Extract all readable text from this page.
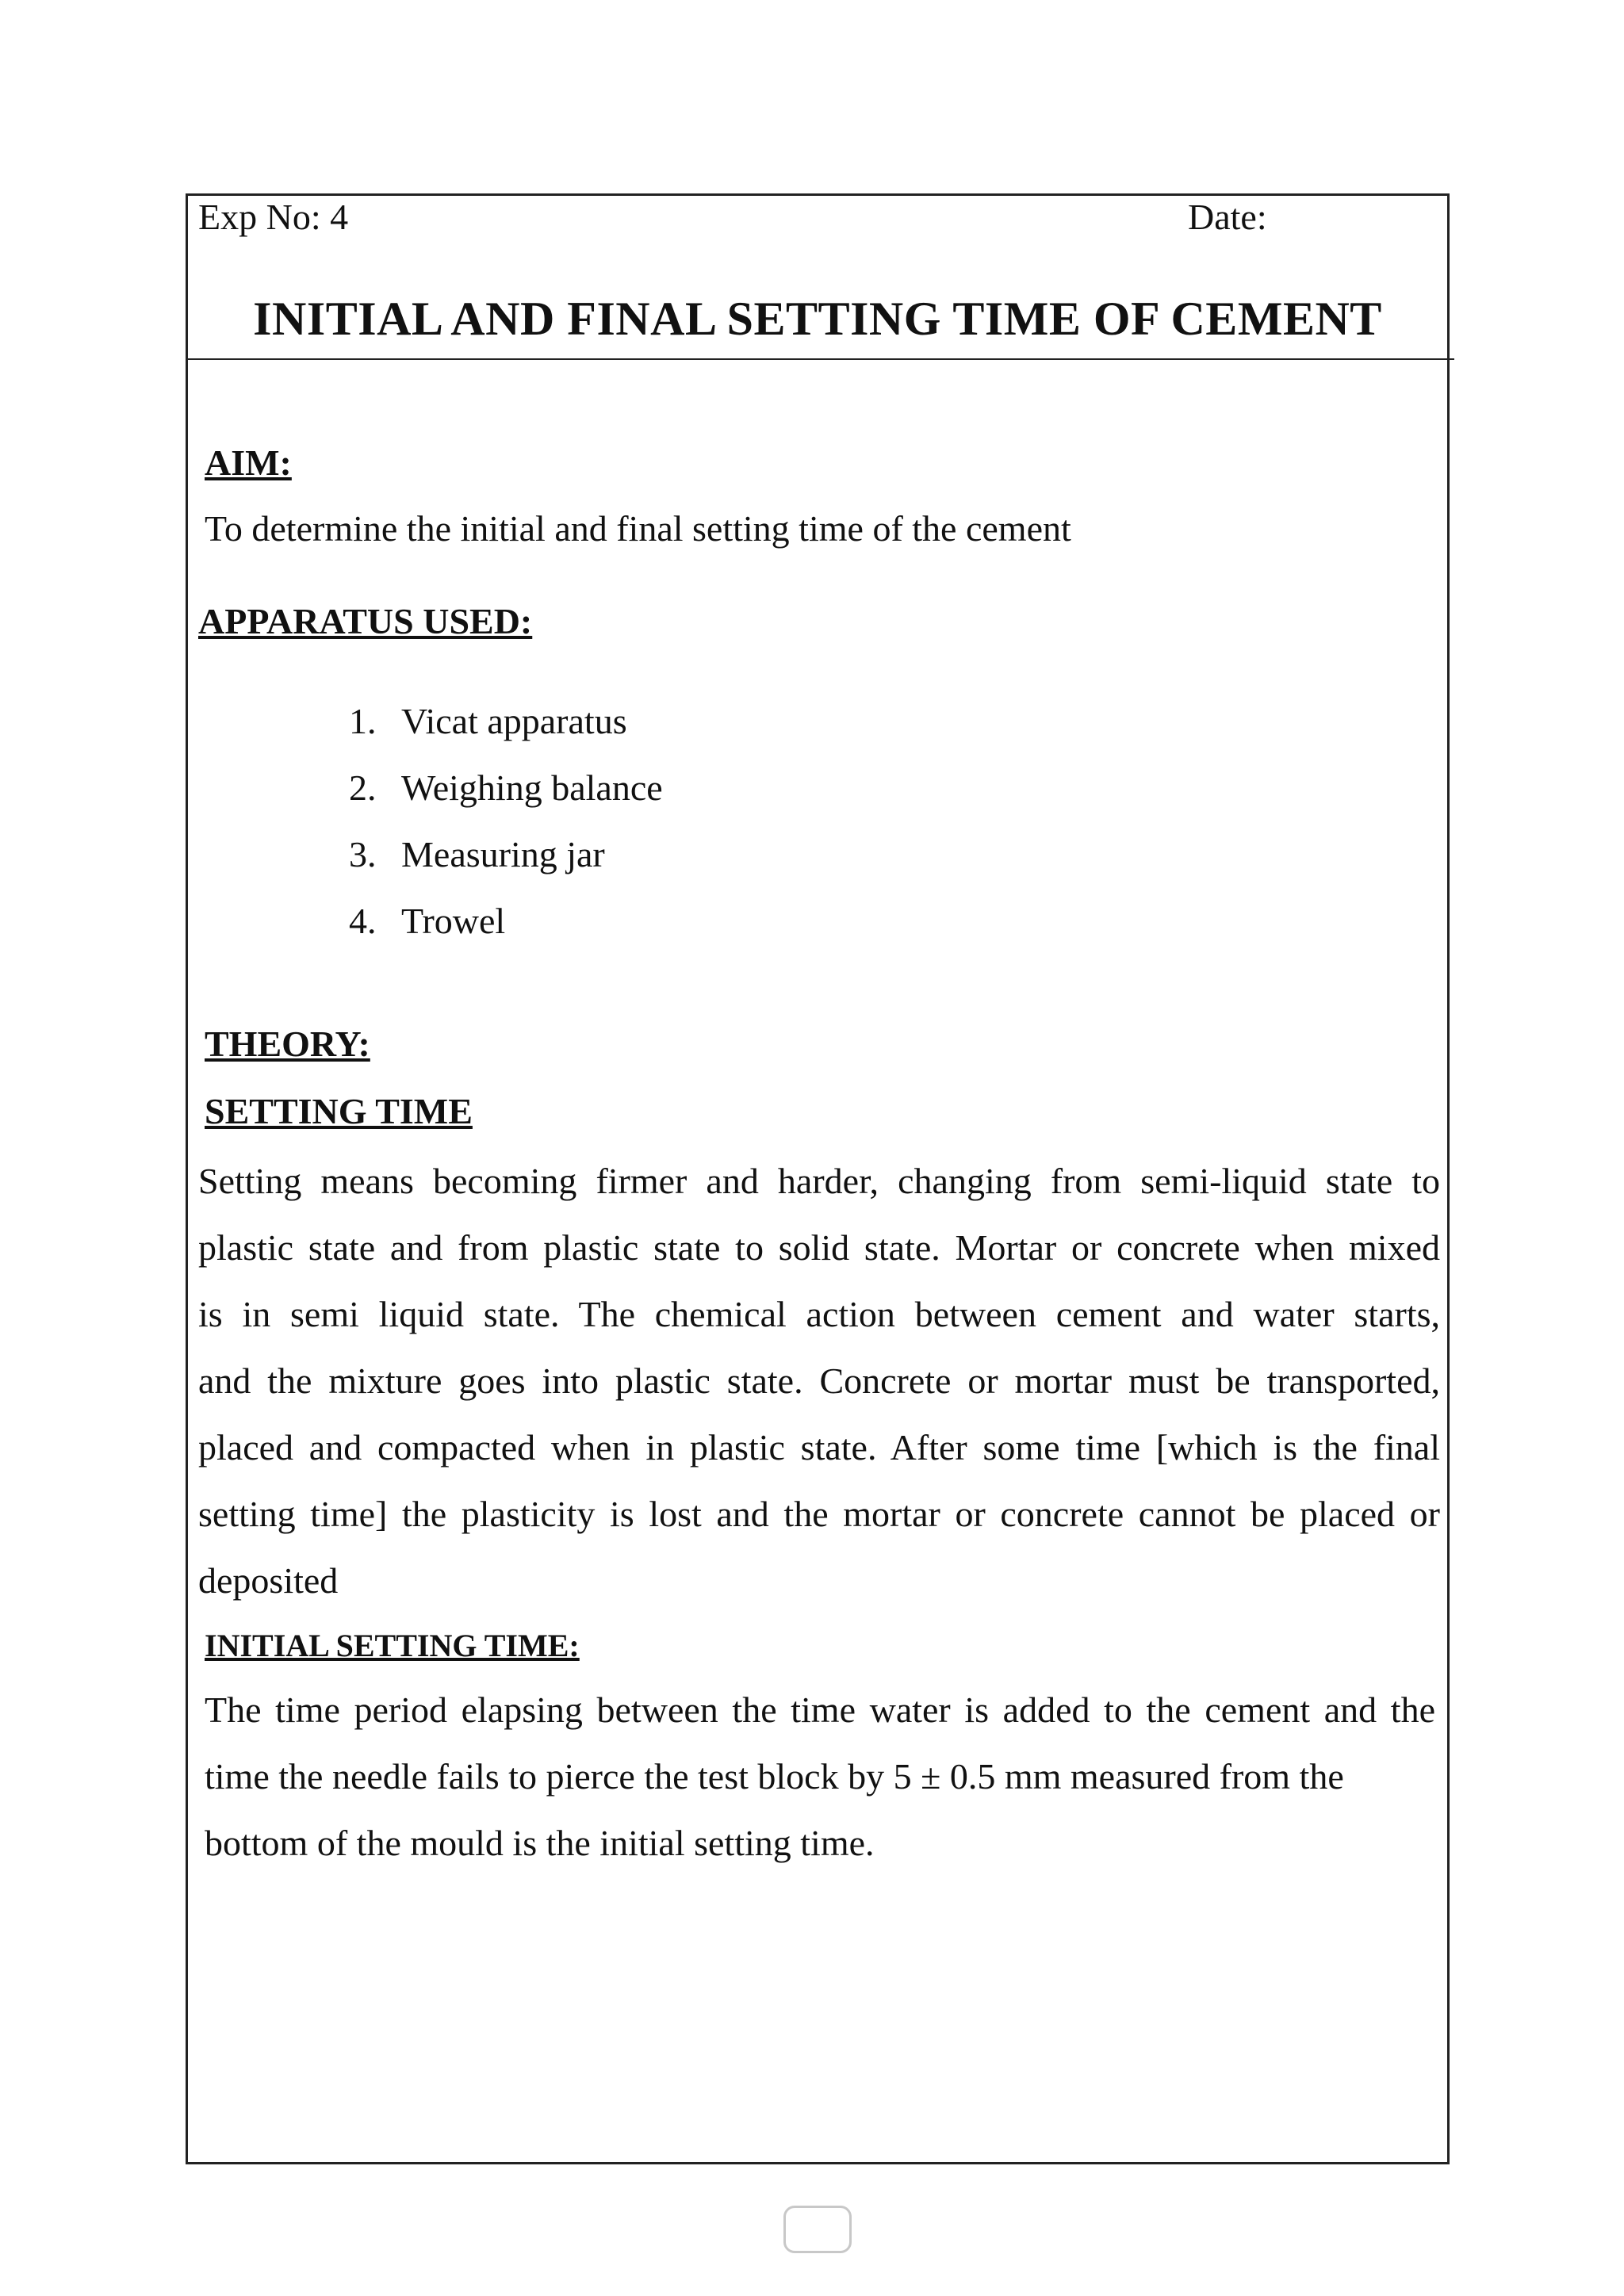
Exp No: 4	Date:
INITIAL AND FINAL SETTING TIME OF CEMENT
AIM:
To determine the initial and final setting time of the cement
APPARATUS USED:
1. Vicat apparatus
2. Weighing balance
3. Measuring jar
4. Trowel
THEORY:
SETTING TIME
Setting means becoming firmer and harder, changing from semi-liquid state to
plastic state and from plastic state to solid state. Mortar or concrete when mixed
is in semi liquid state. The chemical action between cement and water starts,
and the mixture goes into plastic state. Concrete or mortar must be transported,
placed and compacted when in plastic state. After some time [which is the final
setting time] the plasticity is lost and the mortar or concrete cannot be placed or
deposited
INITIAL SETTING TIME:
The time period elapsing between the time water is added to the cement and the
time the needle fails to pierce the test block by 5 ± 0.5 mm measured from the
bottom of the mould is the initial setting time.
